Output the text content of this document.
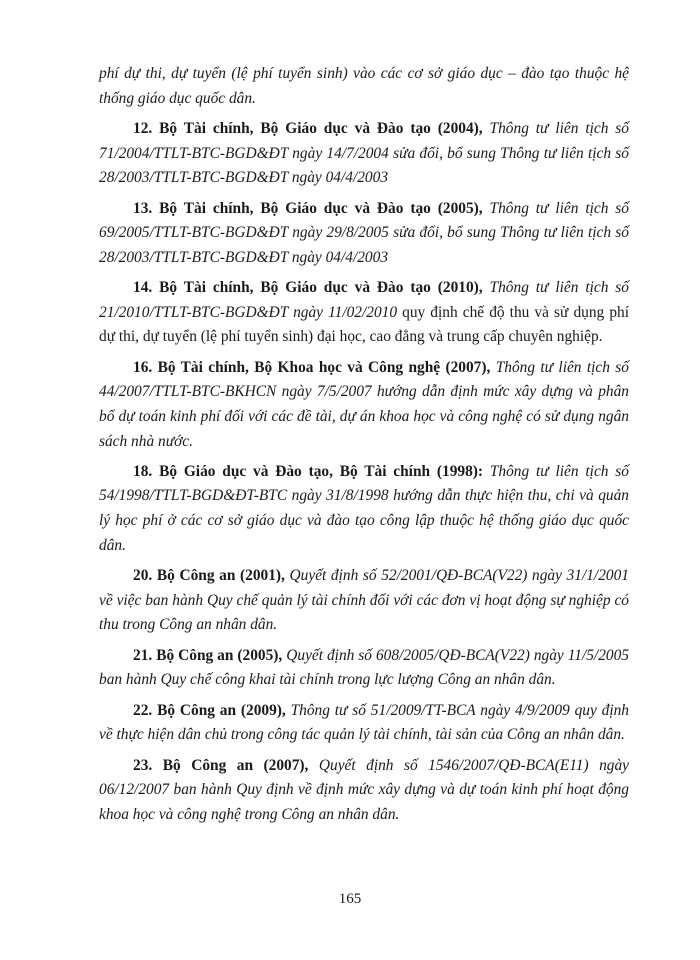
phí dự thi, dự tuyển (lệ phí tuyển sinh) vào các cơ sở giáo dục – đào tạo thuộc hệ thống giáo dục quốc dân.

12. Bộ Tài chính, Bộ Giáo dục và Đào tạo (2004), Thông tư liên tịch số 71/2004/TTLT-BTC-BGD&ĐT ngày 14/7/2004 sửa đổi, bổ sung Thông tư liên tịch số 28/2003/TTLT-BTC-BGD&ĐT ngày 04/4/2003

13. Bộ Tài chính, Bộ Giáo dục và Đào tạo (2005), Thông tư liên tịch số 69/2005/TTLT-BTC-BGD&ĐT ngày 29/8/2005 sửa đổi, bổ sung Thông tư liên tịch số 28/2003/TTLT-BTC-BGD&ĐT ngày 04/4/2003

14. Bộ Tài chính, Bộ Giáo dục và Đào tạo (2010), Thông tư liên tịch số 21/2010/TTLT-BTC-BGD&ĐT ngày 11/02/2010 quy định chế độ thu và sử dụng phí dự thi, dự tuyển (lệ phí tuyển sinh) đại học, cao đẳng và trung cấp chuyên nghiệp.

16. Bộ Tài chính, Bộ Khoa học và Công nghệ (2007), Thông tư liên tịch số 44/2007/TTLT-BTC-BKHCN ngày 7/5/2007 hướng dẫn định mức xây dựng và phân bổ dự toán kinh phí đối với các đề tài, dự án khoa học và công nghệ có sử dụng ngân sách nhà nước.

18. Bộ Giáo dục và Đào tạo, Bộ Tài chính (1998): Thông tư liên tịch số 54/1998/TTLT-BGD&ĐT-BTC ngày 31/8/1998 hướng dẫn thực hiện thu, chi và quản lý học phí ở các cơ sở giáo dục và đào tạo công lập thuộc hệ thống giáo dục quốc dân.

20. Bộ Công an (2001), Quyết định số 52/2001/QĐ-BCA(V22) ngày 31/1/2001 về việc ban hành Quy chế quản lý tài chính đối với các đơn vị hoạt động sự nghiệp có thu trong Công an nhân dân.

21. Bộ Công an (2005), Quyết định số 608/2005/QĐ-BCA(V22) ngày 11/5/2005 ban hành Quy chế công khai tài chính trong lực lượng Công an nhân dân.

22. Bộ Công an (2009), Thông tư số 51/2009/TT-BCA ngày 4/9/2009 quy định về thực hiện dân chủ trong công tác quản lý tài chính, tài sản của Công an nhân dân.

23. Bộ Công an (2007), Quyết định số 1546/2007/QĐ-BCA(E11) ngày 06/12/2007 ban hành Quy định về định mức xây dựng và dự toán kinh phí hoạt động khoa học và công nghệ trong Công an nhân dân.

165
